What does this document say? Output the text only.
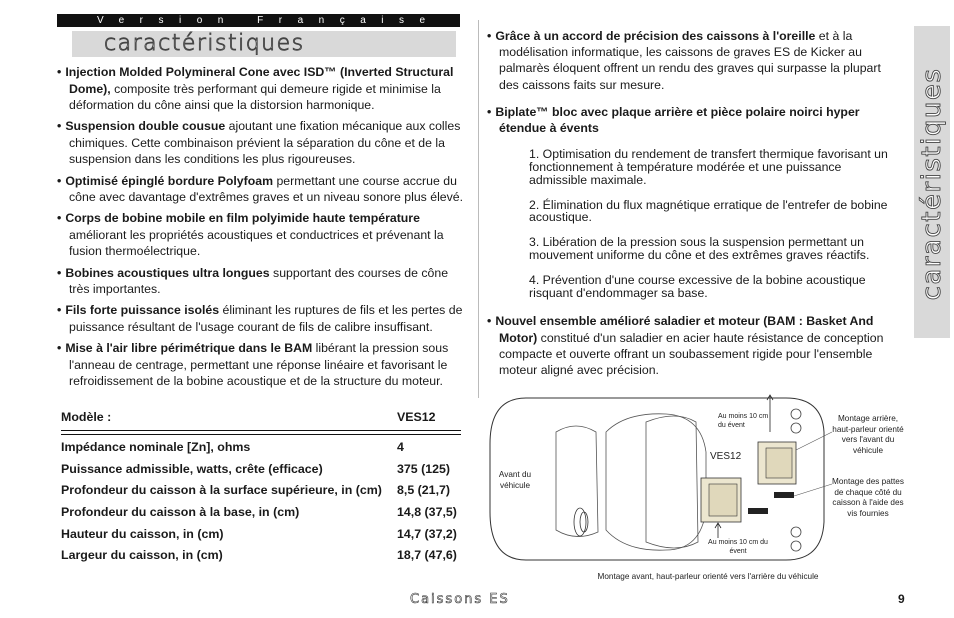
Version Française
caractéristiques
caractéristiques

• Injection Molded Polymineral Cone avec ISD™ (Inverted Structural Dome), composite très performant qui demeure rigide et minimise la déformation du cône ainsi que la distorsion harmonique.

• Suspension double cousue ajoutant une fixation mécanique aux colles chimiques. Cette combinaison prévient la séparation du cône et de la suspension dans les conditions les plus rigoureuses.

• Optimisé épinglé bordure Polyfoam permettant une course accrue du cône avec davantage d'extrêmes graves et un niveau sonore plus élevé.

• Corps de bobine mobile en film polyimide haute température améliorant les propriétés acoustiques et conductrices et prévenant la fusion thermoélectrique.

• Bobines acoustiques ultra longues supportant des courses de cône très importantes.

• Fils forte puissance isolés éliminant les ruptures de fils et les pertes de puissance résultant de l'usage courant de fils de calibre insuffisant.

• Mise à l'air libre périmétrique dans le BAM libérant la pression sous l'anneau de centrage, permettant une réponse linéaire et favorisant le refroidissement de la bobine acoustique et de la structure du moteur.

• Grâce à un accord de précision des caissons à l'oreille et à la modélisation informatique, les caissons de graves ES de Kicker au palmarès éloquent offrent un rendu des graves qui surpasse la plupart des caissons faits sur mesure.

• Biplate™ bloc avec plaque arrière et pièce polaire noirci hyper étendue à évents

1. Optimisation du rendement de transfert thermique favorisant un fonctionnement à température modérée et une puissance admissible maximale.

2. Élimination du flux magnétique erratique de l'entrefer de bobine acoustique.

3. Libération de la pression sous la suspension permettant un mouvement uniforme du cône et des extrêmes graves réactifs.

4. Prévention d'une course excessive de la bobine acoustique risquant d'endommager sa base.

• Nouvel ensemble amélioré saladier et moteur (BAM : Basket And Motor) constitué d'un saladier en acier haute résistance de conception compacte et ouverte offrant un soubassement rigide pour l'ensemble moteur aligné avec précision.

Modèle :	VES12
Impédance nominale [Zn], ohms	4
Puissance admissible, watts, crête (efficace)	375 (125)
Profondeur du caisson à la surface supérieure, in (cm) 8,5 (21,7)
Profondeur du caisson à la base, in (cm)	14,8 (37,5)
Hauteur du caisson, in (cm)	14,7 (37,2)
Largeur du caisson, in (cm)	18,7 (47,6)
Avant du véhicule
VES12
Au moins 10 cm du évent
Au moins 10 cm du évent
Montage arrière, haut-parleur orienté vers l'avant du véhicule
Montage des pattes de chaque côté du caisson à l'aide des vis fournies
Montage avant, haut-parleur orienté vers l'arrière du véhicule
Caissons ES	9
